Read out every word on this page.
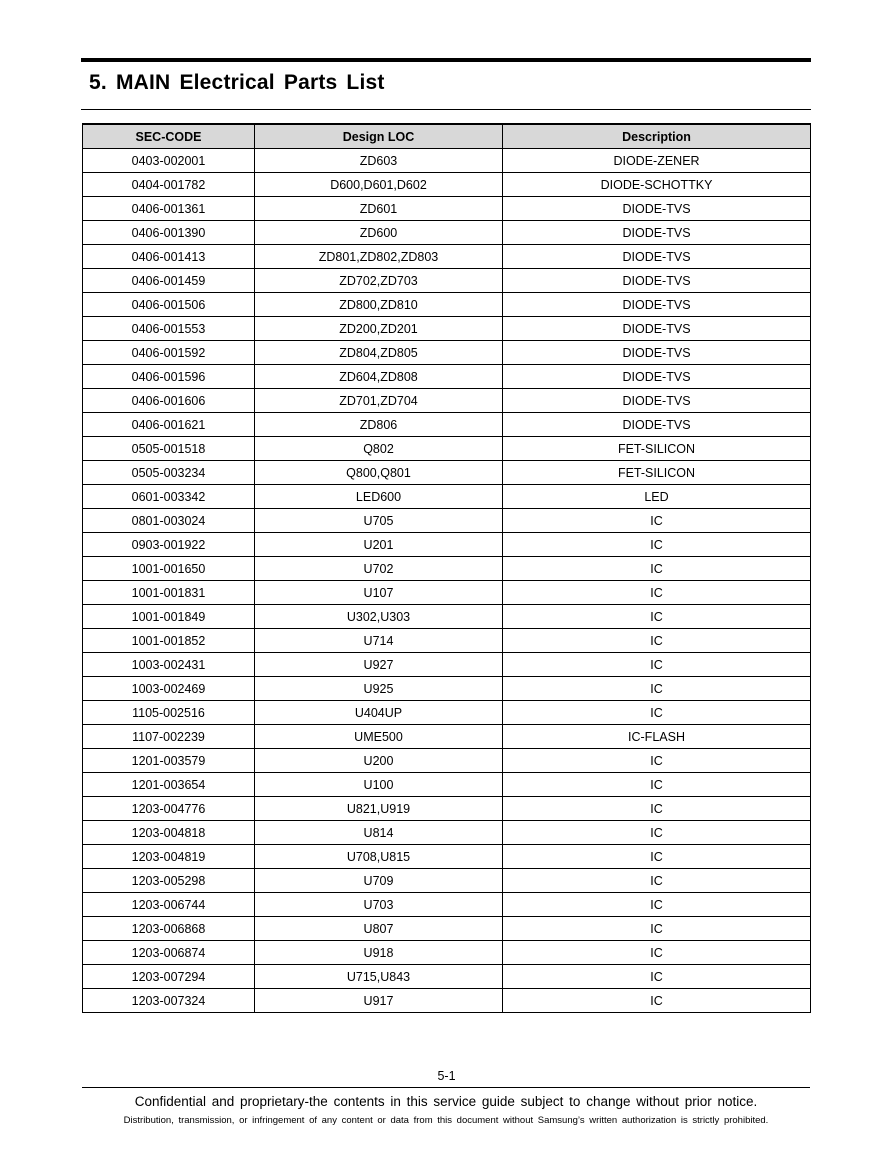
5. MAIN Electrical Parts List
SEC-CODE	Design LOC	Description
0403-002001	ZD603	DIODE-ZENER
0404-001782	D600,D601,D602	DIODE-SCHOTTKY
0406-001361	ZD601	DIODE-TVS
0406-001390	ZD600	DIODE-TVS
0406-001413	ZD801,ZD802,ZD803	DIODE-TVS
0406-001459	ZD702,ZD703	DIODE-TVS
0406-001506	ZD800,ZD810	DIODE-TVS
0406-001553	ZD200,ZD201	DIODE-TVS
0406-001592	ZD804,ZD805	DIODE-TVS
0406-001596	ZD604,ZD808	DIODE-TVS
0406-001606	ZD701,ZD704	DIODE-TVS
0406-001621	ZD806	DIODE-TVS
0505-001518	Q802	FET-SILICON
0505-003234	Q800,Q801	FET-SILICON
0601-003342	LED600	LED
0801-003024	U705	IC
0903-001922	U201	IC
1001-001650	U702	IC
1001-001831	U107	IC
1001-001849	U302,U303	IC
1001-001852	U714	IC
1003-002431	U927	IC
1003-002469	U925	IC
1105-002516	U404UP	IC
1107-002239	UME500	IC-FLASH
1201-003579	U200	IC
1201-003654	U100	IC
1203-004776	U821,U919	IC
1203-004818	U814	IC
1203-004819	U708,U815	IC
1203-005298	U709	IC
1203-006744	U703	IC
1203-006868	U807	IC
1203-006874	U918	IC
1203-007294	U715,U843	IC
1203-007324	U917	IC
5-1
Confidential and proprietary-the contents in this service guide subject to change without prior notice.
Distribution, transmission, or infringement of any content or data from this document without Samsung’s written authorization is strictly prohibited.
